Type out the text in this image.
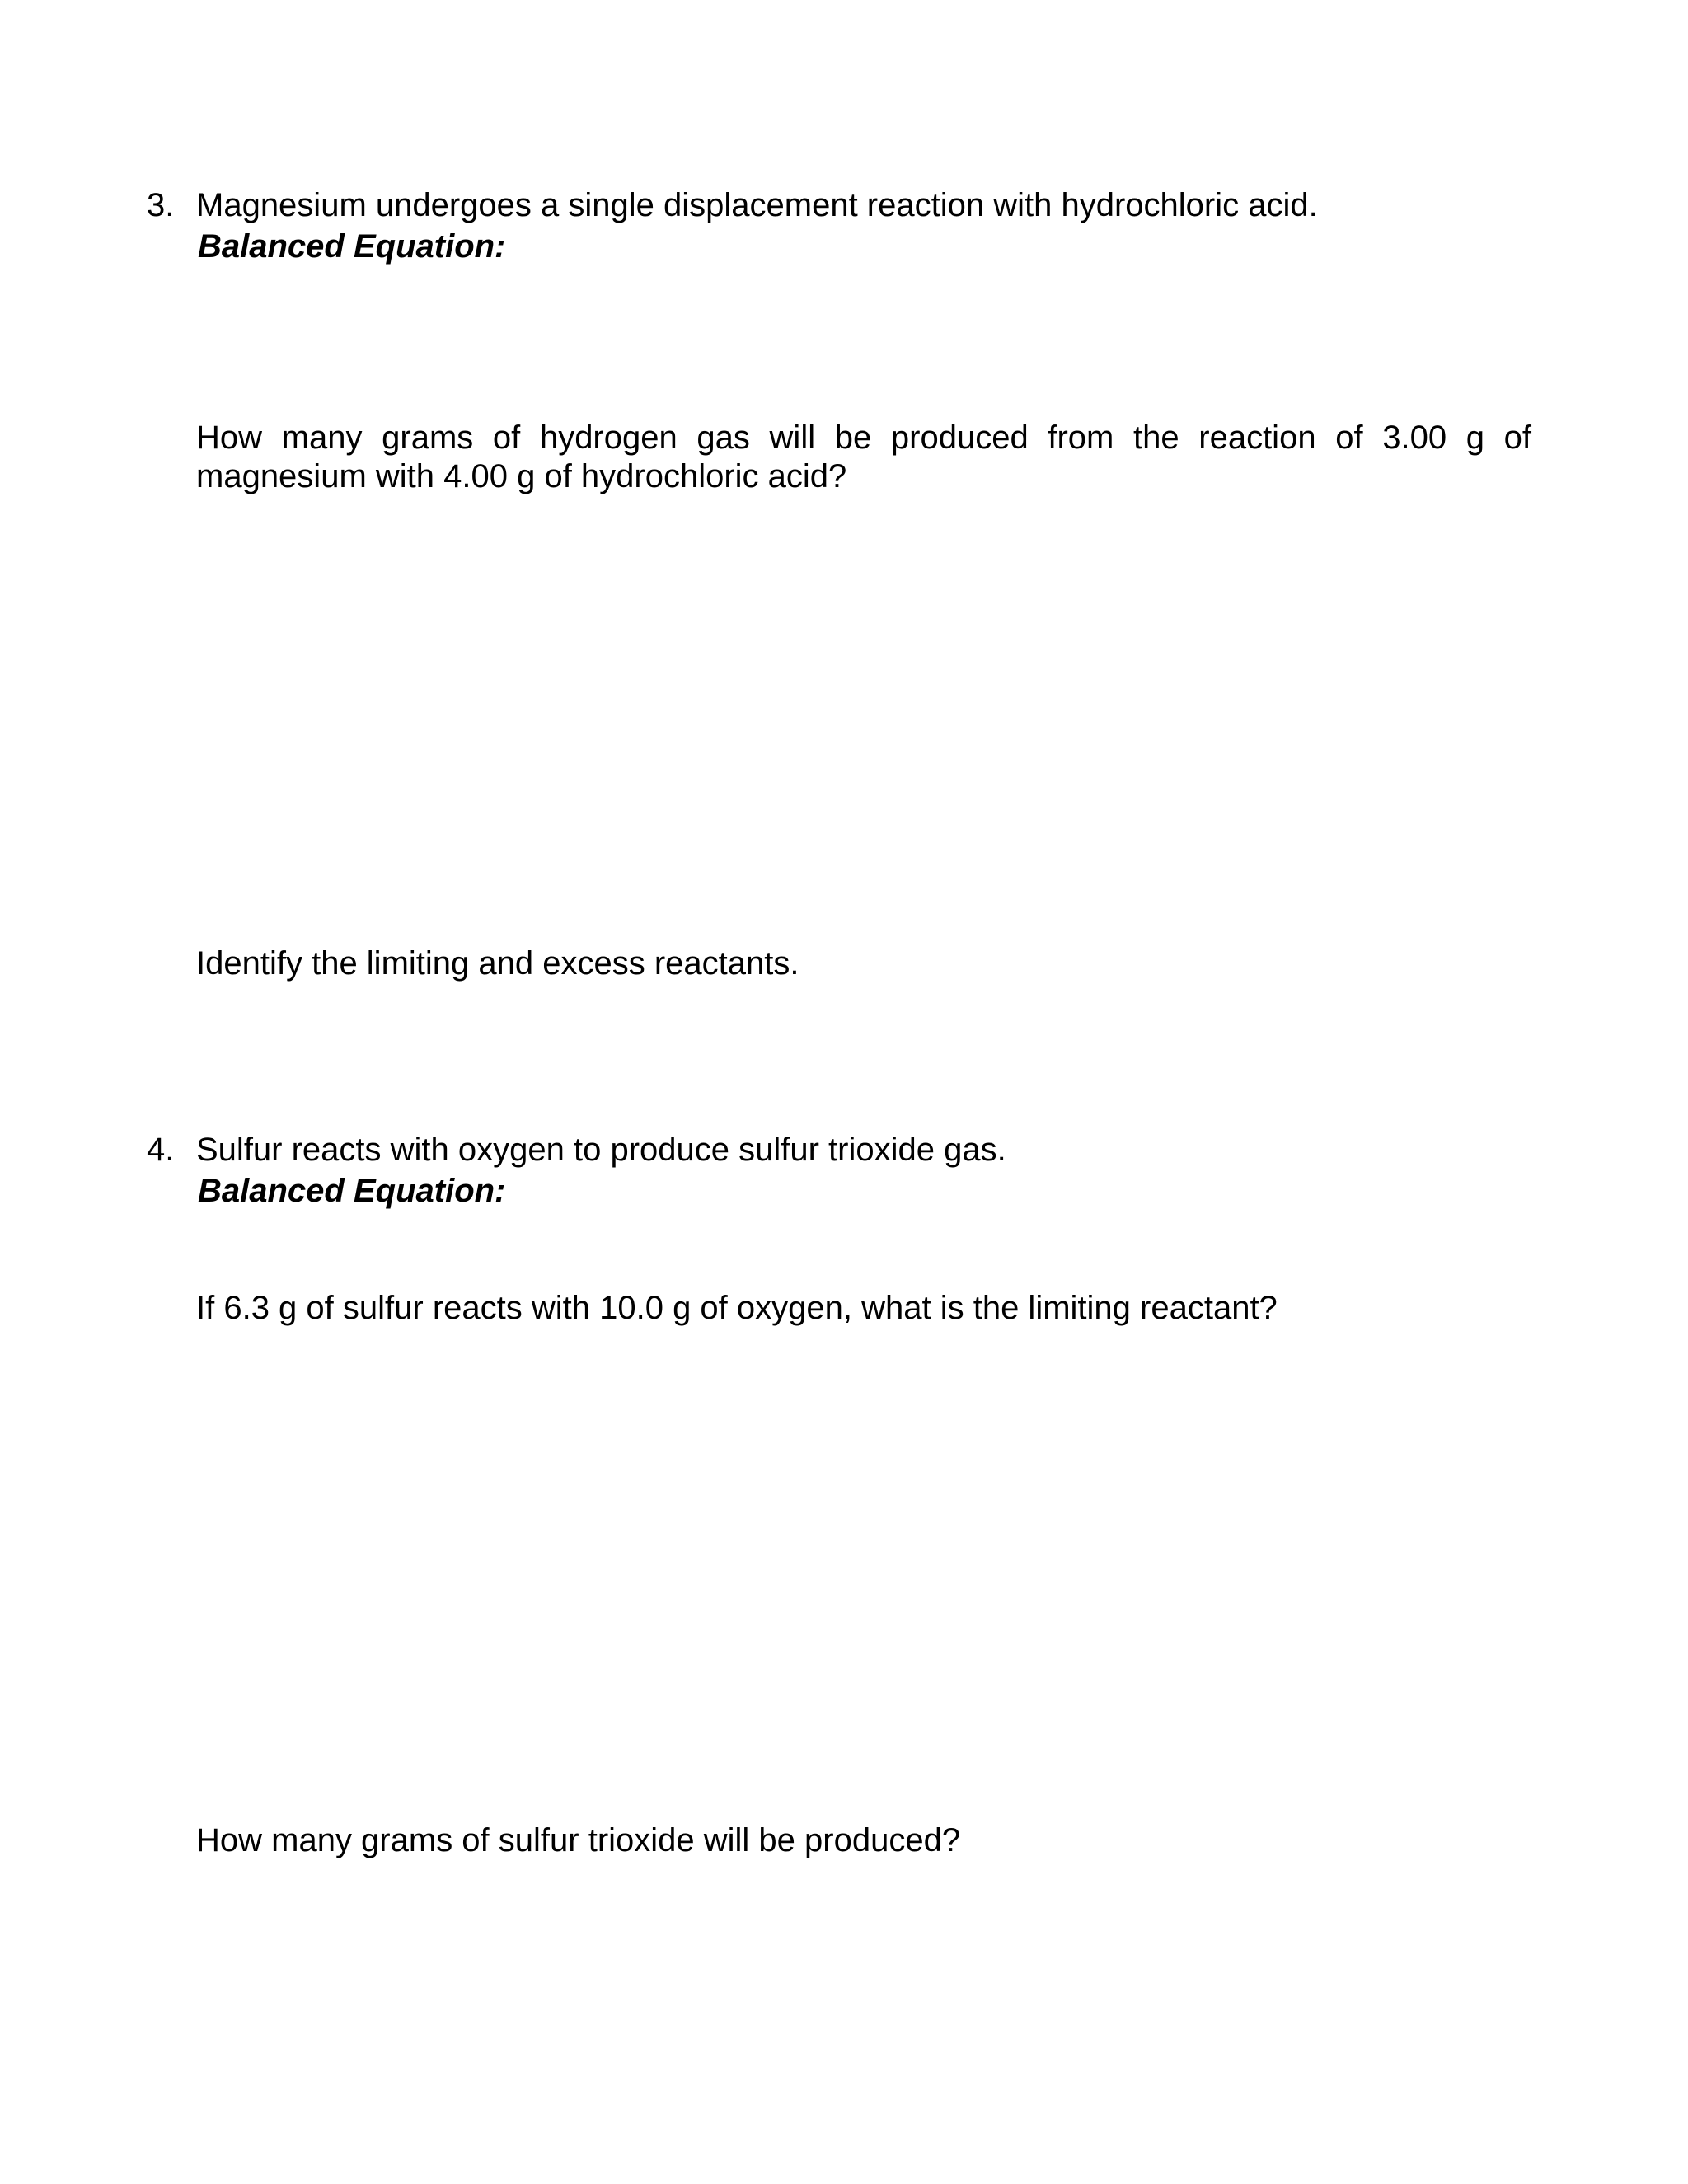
3. Magnesium undergoes a single displacement reaction with hydrochloric acid.
Balanced Equation:
How many grams of hydrogen gas will be produced from the reaction of 3.00 g of
magnesium with 4.00 g of hydrochloric acid?
Identify the limiting and excess reactants.
4. Sulfur reacts with oxygen to produce sulfur trioxide gas.
Balanced Equation:
If 6.3 g of sulfur reacts with 10.0 g of oxygen, what is the limiting reactant?
How many grams of sulfur trioxide will be produced?
